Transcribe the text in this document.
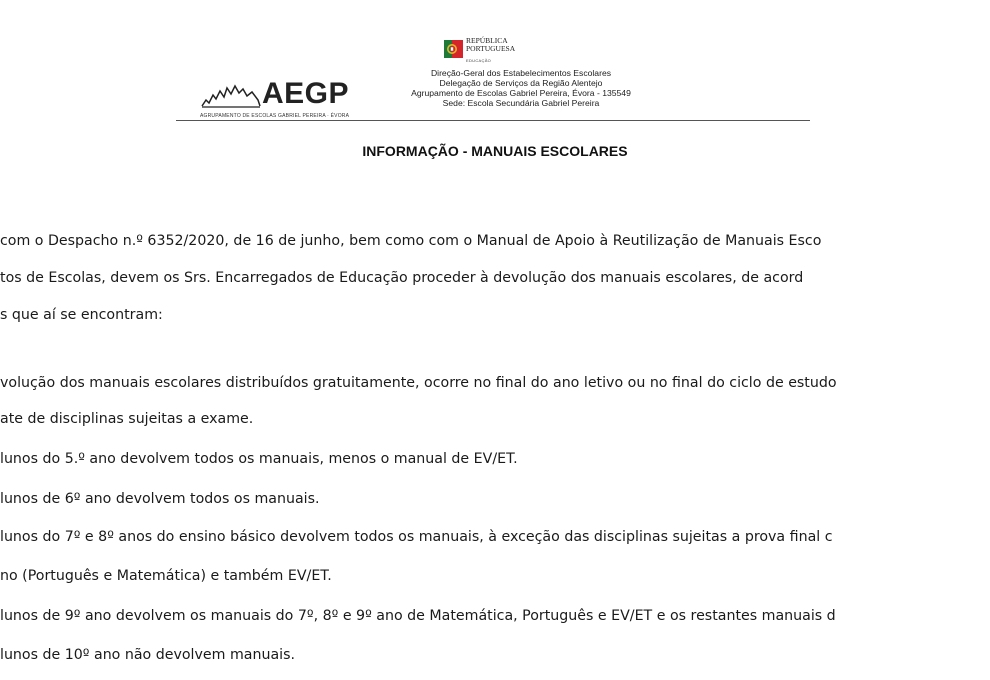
REPÚBLICA
PORTUGUESA
EDUCAÇÃO
AEGP
AGRUPAMENTO DE ESCOLAS GABRIEL PEREIRA · ÉVORA
Direção-Geral dos Estabelecimentos Escolares
Delegação de Serviços da Região Alentejo
Agrupamento de Escolas Gabriel Pereira, Évora - 135549
Sede: Escola Secundária Gabriel Pereira
INFORMAÇÃO - MANUAIS ESCOLARES
com o Despacho n.º 6352/2020, de 16 de junho, bem como com o Manual de Apoio à Reutilização de Manuais Esco
tos de Escolas, devem os Srs. Encarregados de Educação proceder à devolução dos manuais escolares, de acord
s que aí se encontram:
volução dos manuais escolares distribuídos gratuitamente, ocorre no final do ano letivo ou no final do ciclo de estudo
ate de disciplinas sujeitas a exame.
lunos do 5.º ano devolvem todos os manuais, menos o manual de EV/ET.
lunos de 6º ano devolvem todos os manuais.
lunos do 7º e 8º anos do ensino básico devolvem todos os manuais, à exceção das disciplinas sujeitas a prova final c
no (Português e Matemática) e também EV/ET.
lunos de 9º ano devolvem os manuais do 7º, 8º e 9º ano de Matemática, Português e EV/ET e os restantes manuais d
lunos de 10º ano não devolvem manuais.
